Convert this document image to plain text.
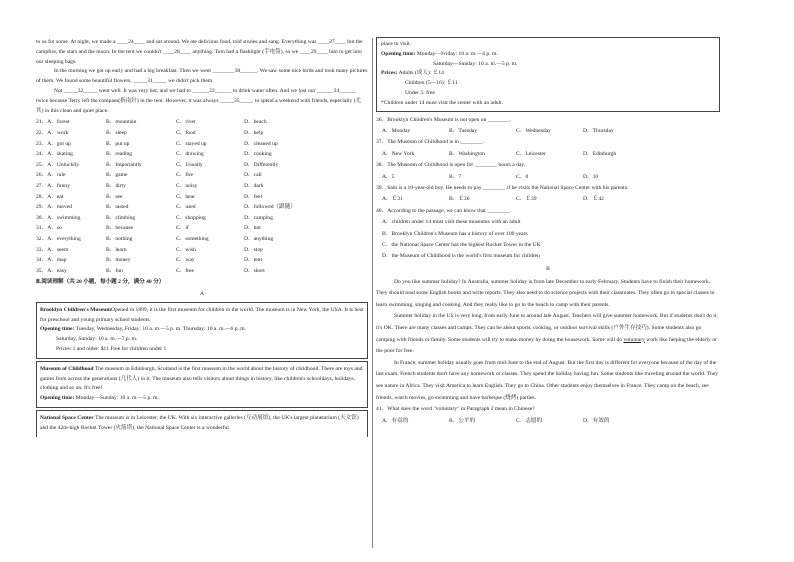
to us for some. At night, we made a ____24____ and sat around. We ate delicious food, told stories and sang. Everything was ____27____ but the campfire, the stars and the moon. In the tent we couldn't ____28____ anything. Tom had a flashlight (手电筒), so we ____29____ him to get into our sleeping bags.

In the morning we got up early and had a big breakfast. Then we went ________30______. We saw some nice birds and took many pictures of them. We found some beautiful flowers, _____31_____ we didn't pick them.

Not _____32_____ went well. It was very hot, and we had to ______33______ to drink water often. And we lost our ______34______ twice because Terry left the compass(指南针) in the tent. However, it was always _____35_____ to spend a weekend with friends, especially (尤其) in this clean and quiet place.

21．A．forest	B．mountain	C．river	D．beach
22．A．work	B．sleep	C．food	D．help
23．A．got up	B．put up	C．stayed up	D．cleaned up
24．A．skating	B．reading	C．drawing	D．cooking
25．A．Unluckily	B．Importantly	C．Usually	D．Differently
26．A．rule	B．game	C．fire	D．call
27．A．funny	B．dirty	C．noisy	D．dark
28．A．eat	B．see	C．hear	D．feel
29．A．moved	B．tasted	C．used	D．followed（跟随）
30．A．swimming	B．climbing	C．shopping	D．camping
31．A．so	B．because	C．if	D．but
32．A．everything	B．nothing	C．something	D．anything
33．A．seem	B．learn	C．wish	D．stop
34．A．map	B．money	C．way	D．tent
35．A．easy	B．fun	C．free	D．short

Ⅲ.阅读理解（共 20 小题，每小题 2 分，满分 40 分）

A

Brooklyn Children's MuseumOpened in 1899, it is the first museum for children in the world. The museum is in New York, the USA. It is best for preschool and young primary school students.

Opening time: Tuesday, Wednesday, Friday: 10 a. m.—5 p. m. Thursday: 10 a. m.—6 p. m.

Saturday, Sunday: 10 a. m.—7 p. m.

Prices: 1 and older: $11 Free for children under 1

Museum of Childhood The museum in Edinburgh, Scotland is the first museum in the world about the history of childhood. There are toys and games from across the generations (几代人) in it. The museum also tells visitors about things in history, like children's schooldays, holidays, clothing and so on. It's free!

Opening time: Monday—Sunday: 10 a. m.—5 p. m.

National Space Center The museum is in Leicester, the UK. With six interactive galleries (互动展馆), the UK's largest planetarium (天文馆) and the 42m-high Rocket Tower (火箭塔), the National Space Center is a wonderful

place to visit.

Opening time: Monday—Friday: 10 a. m.—4 p. m.

Saturday—Sunday: 10 a. m.—5 p. m.

Prices: Adults (成人): ￡14

Children (5—16): ￡11

Under 5: free

*Children under 14 must visit the center with an adult.

36．Brooklyn Children's Museum is not open on ________.

A．Monday	B．Tuesday	C．Wednesday	D．Thursday

37．The Museum of Childhood is in ________.

A．New York	B．Washington	C．Leicester	D．Edinburgh

38．The Museum of Childhood is open for ________ hours a day.

A．5	B．7	C．8	D．10

39．Sam is a 10-year-old boy. He needs to pay ________ if he visits the National Space Center with his parents.

A．￡31	B．￡36	C．￡39	D．￡42

40．According to the passage, we can know that ________.

A．children under 14 must visit these museums with an adult

B．Brooklyn Children's Museum has a history of over 100 years

C．the National Space Center has the highest Rocket Tower in the UK

D．the Museum of Childhood is the world's first museum for children

B

Do you like summer holiday? In Australia, summer holiday is from late December to early February. Students have to finish their homework. They should read some English books and write reports. They also need to do science projects with their classmates. They often go to special classes to learn swimming, singing and cooking. And they really like to go to the beach to camp with their parents.

Summer holiday in the US is very long, from early June to around late August. Teachers will give summer homework. But if students don't do it, it's OK. There are many classes and camps. They can be about sports, cooking, or outdoor survival skills (户外生存技巧). Some students also go camping with friends or family. Some students will try to make money by doing the housework. Some will do voluntary work like helping the elderly or the poor for free.

In France, summer holiday usually goes from mid-June to the end of August. But the first day is different for everyone because of the day of the last exam. French students don't have any homework or classes. They spend the holiday having fun. Some students like traveling around the world. They see nature in Africa. They visit America to learn English. They go to China. Other students enjoy themselves in France. They camp on the beach, see friends, watch movies, go swimming and have barbeque (烧烤) parties.

41．What does the word "voluntary" in Paragraph 2 mean in Chinese?

A．有益的	B．公平的	C．志愿的	D．有效的
